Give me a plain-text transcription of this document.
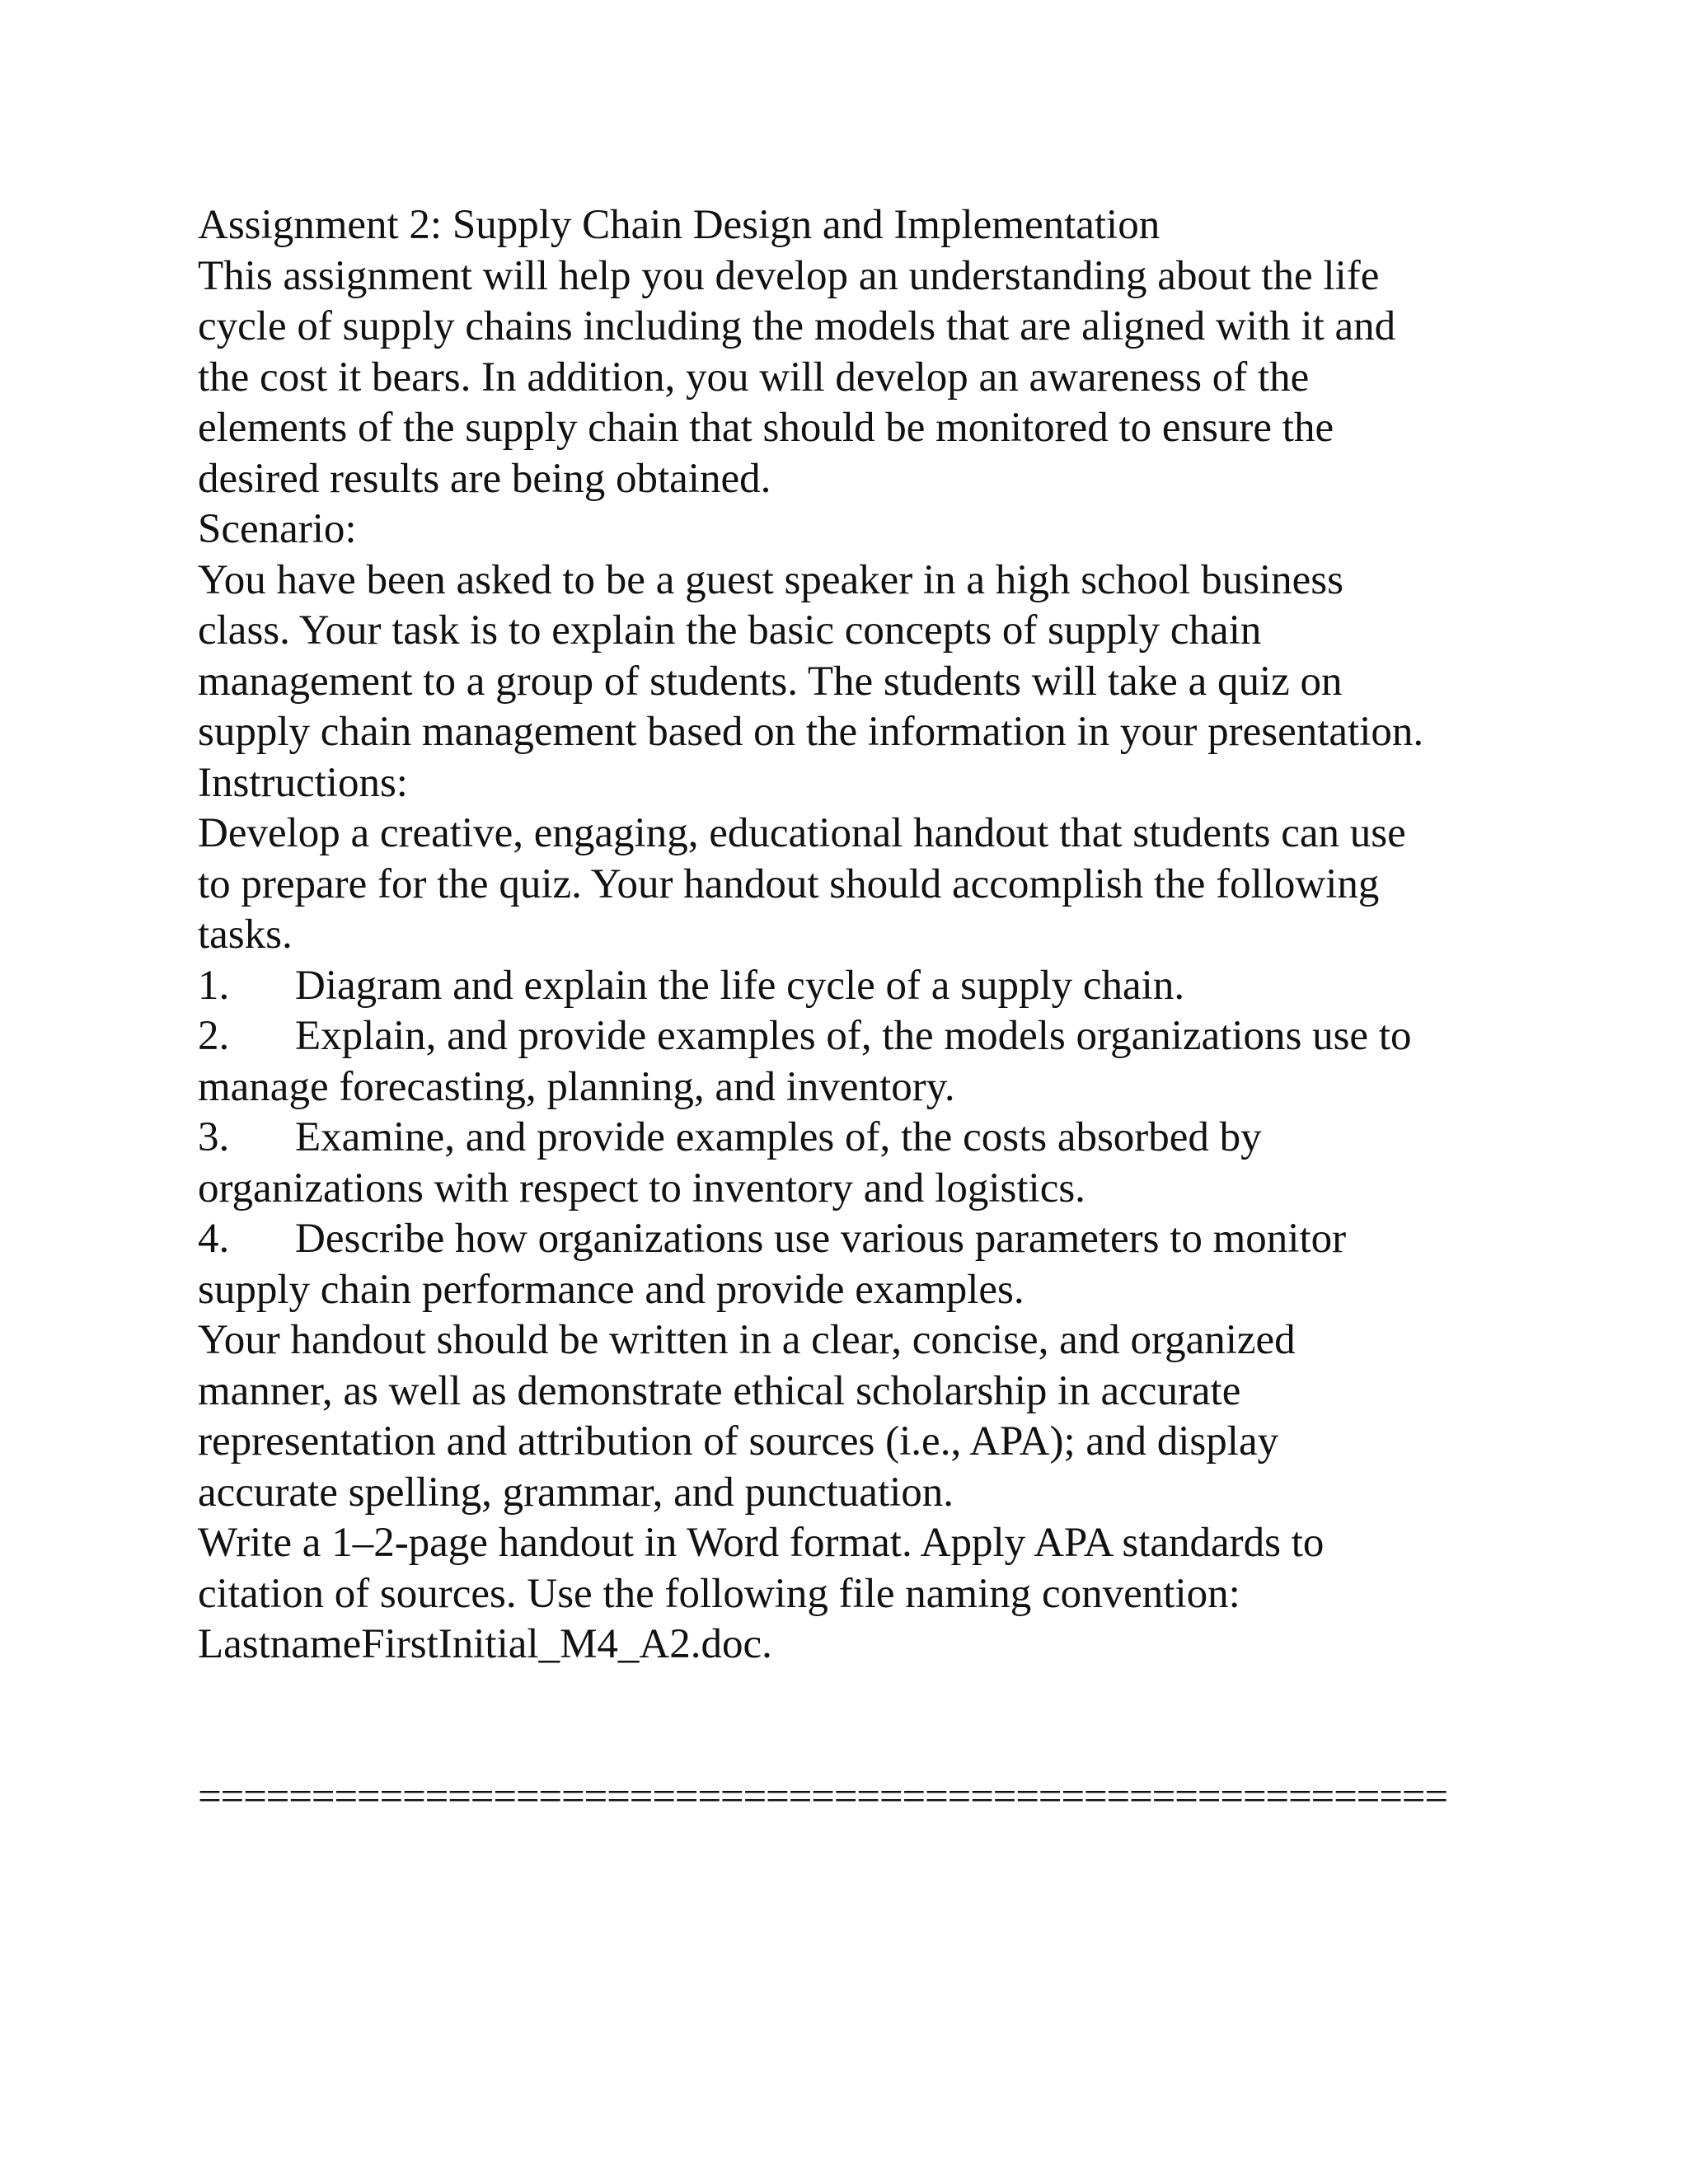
Assignment 2: Supply Chain Design and Implementation
This assignment will help you develop an understanding about the life
cycle of supply chains including the models that are aligned with it and
the cost it bears. In addition, you will develop an awareness of the
elements of the supply chain that should be monitored to ensure the
desired results are being obtained.
Scenario:
You have been asked to be a guest speaker in a high school business
class. Your task is to explain the basic concepts of supply chain
management to a group of students. The students will take a quiz on
supply chain management based on the information in your presentation.
Instructions:
Develop a creative, engaging, educational handout that students can use
to prepare for the quiz. Your handout should accomplish the following
tasks.
1. Diagram and explain the life cycle of a supply chain.
2. Explain, and provide examples of, the models organizations use to
manage forecasting, planning, and inventory.
3. Examine, and provide examples of, the costs absorbed by
organizations with respect to inventory and logistics.
4. Describe how organizations use various parameters to monitor
supply chain performance and provide examples.
Your handout should be written in a clear, concise, and organized
manner, as well as demonstrate ethical scholarship in accurate
representation and attribution of sources (i.e., APA); and display
accurate spelling, grammar, and punctuation.
Write a 1–2-page handout in Word format. Apply APA standards to
citation of sources. Use the following file naming convention:
LastnameFirstInitial_M4_A2.doc.
=======================================================
